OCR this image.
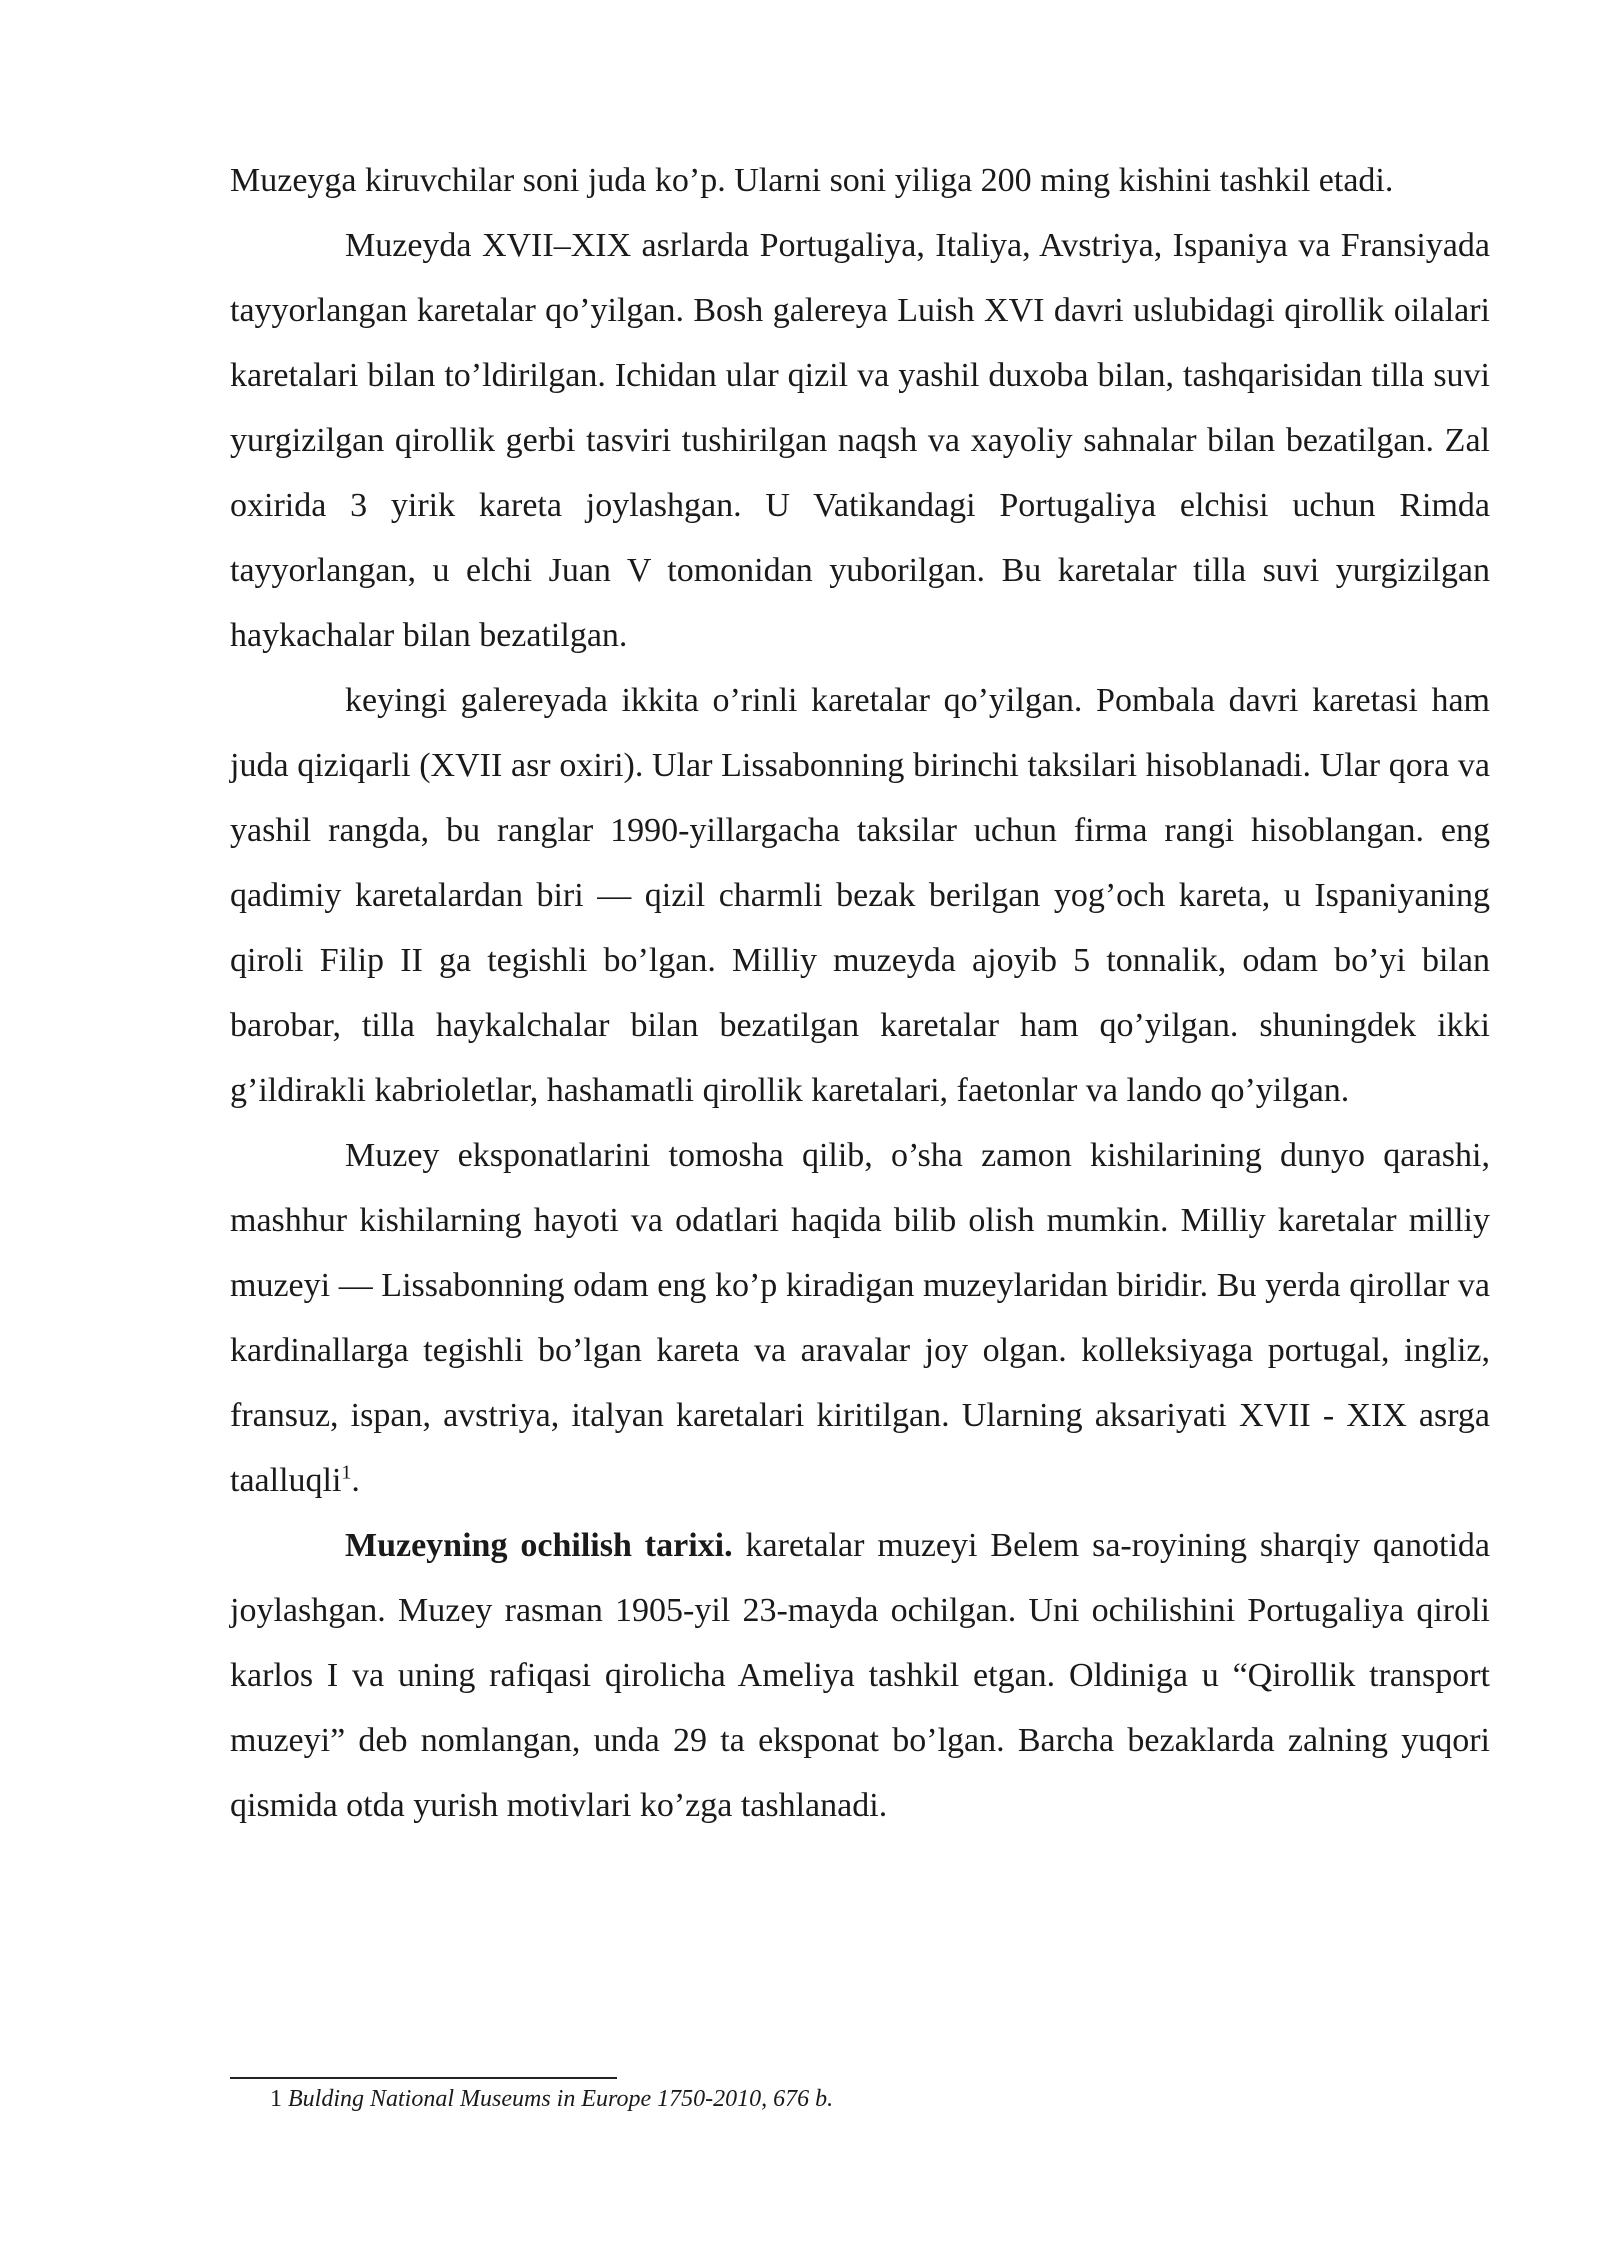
Muzeyga kiruvchilar soni juda ko’p. Ularni soni yiliga 200 ming kishini tashkil etadi.

Muzeyda XVII–XIX asrlarda Portugaliya, Italiya, Avstriya, Ispaniya va Fransiyada tayyorlangan karetalar qo’yilgan. Bosh galereya Luish XVI davri uslubidagi qirollik oilalari karetalari bilan to’ldirilgan. Ichidan ular qizil va yashil duxoba bilan, tashqarisidan tilla suvi yurgizilgan qirollik gerbi tasviri tushirilgan naqsh va xayoliy sahnalar bilan bezatilgan. Zal oxirida 3 yirik kareta joylashgan. U Vatikandagi Portugaliya elchisi uchun Rimda tayyorlangan, u elchi Juan V tomonidan yuborilgan. Bu karetalar tilla suvi yurgizilgan haykachalar bilan bezatilgan.

keyingi galereyada ikkita o’rinli karetalar qo’yilgan. Pombala davri karetasi ham juda qiziqarli (XVII asr oxiri). Ular Lissabonning birinchi taksilari hisoblanadi. Ular qora va yashil rangda, bu ranglar 1990-yillargacha taksilar uchun firma rangi hisoblangan. eng qadimiy karetalardan biri — qizil charmli bezak berilgan yog’och kareta, u Ispaniyaning qiroli Filip II ga tegishli bo’lgan. Milliy muzeyda ajoyib 5 tonnalik, odam bo’yi bilan barobar, tilla haykalchalar bilan bezatilgan karetalar ham qo’yilgan. shuningdek ikki g’ildirakli kabrioletlar, hashamatli qirollik karetalari, faetonlar va lando qo’yilgan.

Muzey eksponatlarini tomosha qilib, o’sha zamon kishilarining dunyo qarashi, mashhur kishilarning hayoti va odatlari haqida bilib olish mumkin. Milliy karetalar milliy muzeyi — Lissabonning odam eng ko’p kiradigan muzeylaridan biridir. Bu yerda qirollar va kardinallarga tegishli bo’lgan kareta va aravalar joy olgan. kolleksiyaga portugal, ingliz, fransuz, ispan, avstriya, italyan karetalari kiritilgan. Ularning aksariyati XVII - XIX asrga taalluqli$^1$.

Muzeyning ochilish tarixi. karetalar muzeyi Belem sa-royining sharqiy qanotida joylashgan. Muzey rasman 1905-yil 23-mayda ochilgan. Uni ochilishini Portugaliya qiroli karlos I va uning rafiqasi qirolicha Ameliya tashkil etgan. Oldiniga u “Qirollik transport muzeyi” deb nomlangan, unda 29 ta eksponat bo’lgan. Barcha bezaklarda zalning yuqori qismida otda yurish motivlari ko’zga tashlanadi.

1 Bulding National Museums in Europe 1750-2010, 676 b.
